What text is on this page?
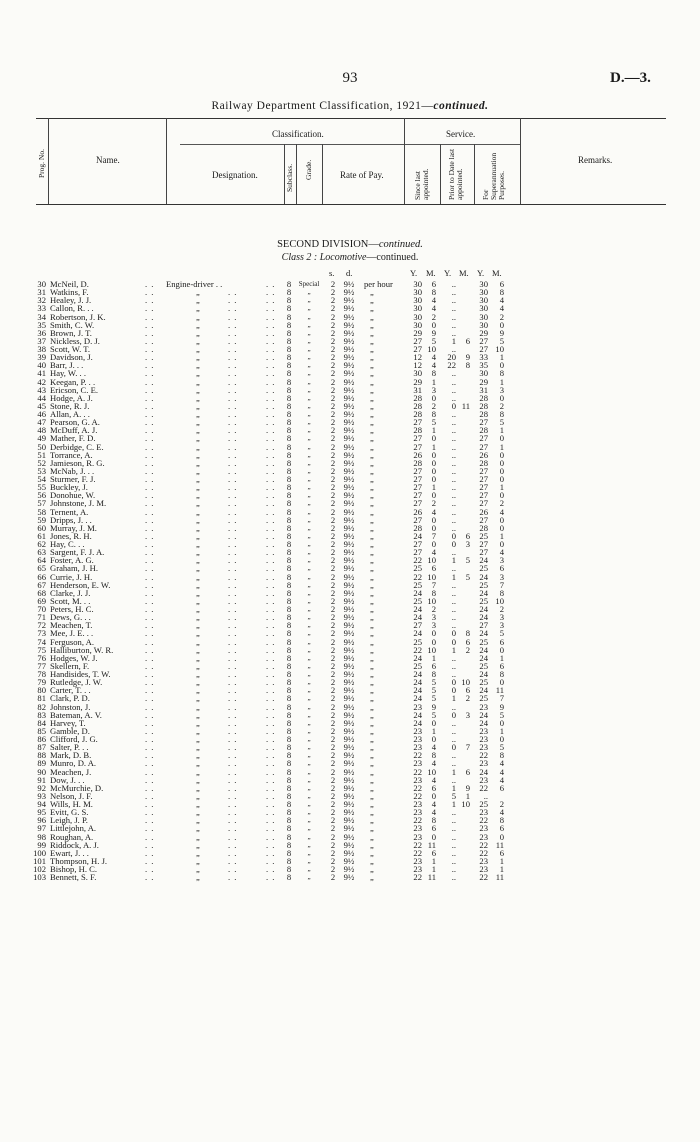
93	D.—3.
Railway Department Classification, 1921—continued.
Prog. No.	Name.
Classification.
Designation.	Subclass. Grade.	Rate of Pay.
Service.
Since last appointed. Prior to Date last appointed.	For Superannuation Purposes.
Remarks.
SECOND DIVISION—continued.
Class 2 : Locomotive—continued.
s. d.	Y. M. Y. M. Y. M.
30 McNeil, D.	Engine-driver . .	8	Special	2 9½	per hour	30	6	..	30	6
. .	. .
31 Watkins, F.	„	8	„	2 9½	„	30	8	..	30	8
. .	. .	. .
32 Healey, J. J.	„	8	„	2 9½	„	30	4	..	30	4
. .	. .	. .
33 Callon, R. . .	„	8	„	2 9½	„	30	4	..	30	4
. .	. .	. .
34 Robertson, J. K.	„	8	„	2 9½	„	30	2	..	30	2
. .	. .	. .
35 Smith, C. W.	„	8	„	2 9½	„	30	0	..	30	0
. .	. .	. .
36 Brown, J. T.	„	8	„	2 9½	„	29	9	..	29	9
. .	. .	. .
37 Nickless, D. J.	„	8	„	2 9½	„	27	5	1	6	27	5
. .	. .	. .
38 Scott, W. T.	„	8	„	2 9½	„	27 10	..	27 10
. .	. .	. .
39 Davidson, J.	„	8	„	2 9½	„	12	4	20	9	33	1
. .	. .	. .
40 Barr, J. . .	„	8	„	2 9½	„	12	4	22	8	35	0
. .	. .	. .
41 Hay, W. . .	„	8	„	2 9½	„	30	8	..	30	8
. .	. .	. .
42 Keegan, P. . .	„	8	„	2 9½	„	29	1	..	29	1
. .	. .	. .
43 Ericson, C. E.	„	8	„	2 9½	„	31	3	..	31	3
. .	. .	. .
44 Hodge, A. J.	„	8	„	2 9½	„	28	0	..	28	0
. .	. .	. .
45 Stone, R. J.	„	8	„	2 9½	„	28	2	0 11	28	2
. .	. .	. .
46 Allan, A. . .	„	8	„	2 9½	„	28	8	..	28	8
. .	. .	. .
47 Pearson, G. A.	„	8	„	2 9½	„	27	5	..	27	5
. .	. .	. .
48 McDuff, A. J.	„	8	„	2 9½	„	28	1	..	28	1
. .	. .	. .
49 Mather, F. D.	„	8	„	2 9½	„	27	0	..	27	0
. .	. .	. .
50 Derbidge, C. E.	„	8	„	2 9½	„	27	1	..	27	1
. .	. .	. .
51 Torrance, A.	„	8	„	2 9½	„	26	0	..	26	0
. .	. .	. .
52 Jamieson, R. G.	„	8	„	2 9½	„	28	0	..	28	0
. .	. .	. .
53 McNab, J. . .	„	8	„	2 9½	„	27	0	..	27	0
. .	. .	. .
54 Sturmer, F. J.	„	8	„	2 9½	„	27	0	..	27	0
. .	. .	. .
55 Buckley, J.	„	8	„	2 9½	„	27	1	..	27	1
. .	. .	. .
56 Donohue, W.	„	8	„	2 9½	„	27	0	..	27	0
. .	. .	. .
57 Johnstone, J. M.	„	8	„	2 9½	„	27	2	..	27	2
. .	. .	. .
58 Ternent, A.	„	8	„	2 9½	„	26	4	..	26	4
. .	. .	. .
59 Dripps, J. . .	„	8	„	2 9½	„	27	0	..	27	0
. .	. .	. .
60 Murray, J. M.	„	8	„	2 9½	„	28	0	..	28	0
. .	. .	. .
61 Jones, R. H.	„	8	„	2 9½	„	24	7	0	6	25	1
. .	. .	. .
62 Hay, C. . .	„	8	„	2 9½	„	27	0	0	3	27	0
. .	. .	. .
63 Sargent, F. J. A.	„	8	„	2 9½	„	27	4	..	27	4
. .	. .	. .
64 Foster, A. G.	„	8	„	2 9½	„	22 10	1	5	24	3
. .	. .	. .
65 Graham, J. H.	„	8	„	2 9½	„	25	6	..	25	6
. .	. .	. .
66 Currie, J. H.	„	8	„	2 9½	„	22 10	1	5	24	3
. .	. .	. .
67 Henderson, E. W.	„	8	„	2 9½	„	25	7	..	25	7
. .	. .	. .
68 Clarke, J. J.	„	8	„	2 9½	„	24	8	..	24	8
. .	. .	. .
69 Scott, M. . .	„	8	„	2 9½	„	25 10	..	25 10
. .	. .	. .
70 Peters, H. C.	„	8	„	2 9½	„	24	2	..	24	2
. .	. .	. .
71 Dews, G. . .	„	8	„	2 9½	„	24	3	..	24	3
. .	. .	. .
72 Meachen, T.	„	8	„	2 9½	„	27	3	..	27	3
. .	. .	. .
73 Mee, J. E. . .	„	8	„	2 9½	„	24	0	0	8	24	5
. .	. .	. .
74 Ferguson, A.	„	8	„	2 9½	„	25	0	0	6	25	6
. .	. .	. .
75 Halliburton, W. R.	„	8	„	2 9½	„	22 10	1	2	24	0
. .	. .	. .
76 Hodges, W. J.	„	8	„	2 9½	„	24	1	..	24	1
. .	. .	. .
77 Skellern, F.	„	8	„	2 9½	„	25	6	..	25	6
. .	. .	. .
78 Handisides, T. W.	„	8	„	2 9½	„	24	8	..	24	8
. .	. .	. .
79 Rutledge, J. W.	„	8	„	2 9½	„	24	5	0 10	25	0
. .	. .	. .
80 Carter, T. . .	„	8	„	2 9½	„	24	5	0	6	24 11
. .	. .	. .
81 Clark, P. D.	„	8	„	2 9½	„	24	5	1	2	25	7
. .	. .	. .
82 Johnston, J.	„	8	„	2 9½	„	23	9	..	23	9
. .	. .	. .
83 Bateman, A. V.	„	8	„	2 9½	„	24	5	0	3	24	5
. .	. .	. .
84 Harvey, T.	„	8	„	2 9½	„	24	0	..	24	0
. .	. .	. .
85 Gamble, D.	„	8	„	2 9½	„	23	1	..	23	1
. .	. .	. .
86 Clifford, J. G.	„	8	„	2 9½	„	23	0	..	23	0
. .	. .	. .
87 Salter, P. . .	„	8	„	2 9½	„	23	4	0	7	23	5
. .	. .	. .
88 Mark, D. B.	„	8	„	2 9½	„	22	8	..	22	8
. .	. .	. .
89 Munro, D. A.	„	8	„	2 9½	„	23	4	..	23	4
. .	. .	. .
90 Meachen, J.	„	8	„	2 9½	„	22 10	1	6	24	4
. .	. .	. .
91 Dow, J. . .	„	8	„	2 9½	„	23	4	..	23	4
. .	. .	. .
92 McMurchie, D.	„	8	„	2 9½	„	22	6	1	9	22	6
. .	. .	. .
93 Nelson, J. F.	„	8	„	2 9½	„	22	0	5	1	..
. .	. .	. .
94 Wills, H. M.	„	8	„	2 9½	„	23	4	1 10	25	2
. .	. .	. .
95 Evitt, G. S.	„	8	„	2 9½	„	23	4	..	23	4
. .	. .	. .
96 Leigh, J. P.	„	8	„	2 9½	„	22	8	..	22	8
. .	. .	. .
97 Littlejohn, A.	„	8	„	2 9½	„	23	6	..	23	6
. .	. .	. .
98 Roughan, A.	„	8	„	2 9½	„	23	0	..	23	0
. .	. .	. .
99 Riddock, A. J.	„	8	„	2 9½	„	22 11	..	22 11
. .	. .	. .
100 Ewart, J. . .	„	8	„	2 9½	„	22	6	..	22	6
. .	. .	. .
101 Thompson, H. J.	„	8	„	2 9½	„	23	1	..	23	1
. .	. .	. .
102 Bishop, H. C.	„	8	„	2 9½	„	23	1	..	23	1
. .	. .	. .
103 Bennett, S. F.	„	8	„	2 9½	„	22 11	..	22 11
. .	. .	. .
